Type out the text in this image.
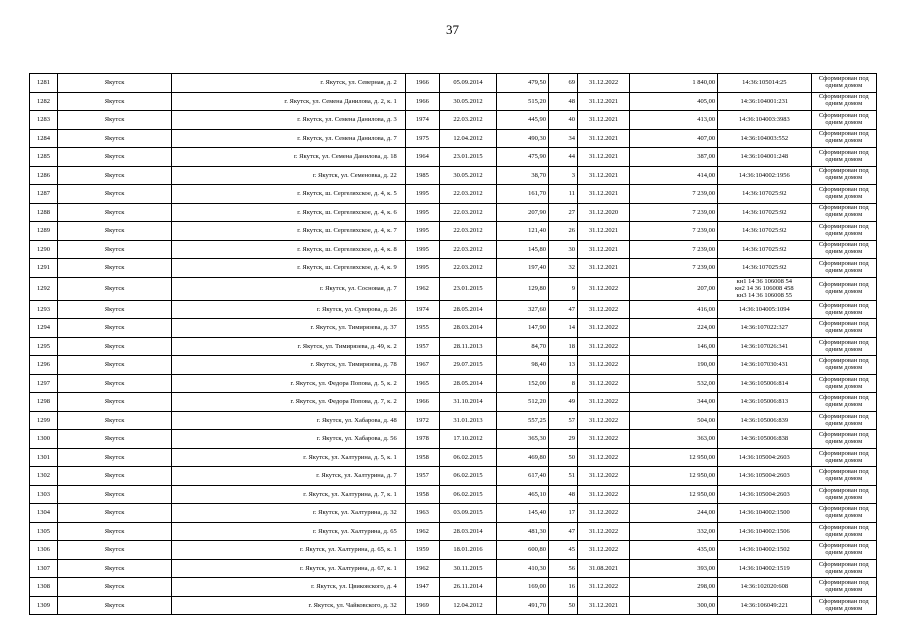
37
1281	Якутск	г. Якутск, ул. Северная, д. 2	1966	05.09.2014	479,50	69	31.12.2022	1 840,00	14:36:105014:25	Сформирован под одним домом
1282	Якутск	г. Якутск, ул. Семена Данилова, д. 2, к. 1	1966	30.05.2012	515,20	48	31.12.2021	405,00	14:36:104001:231	Сформирован под одним домом
1283	Якутск	г. Якутск, ул. Семена Данилова, д. 3	1974	22.03.2012	445,90	40	31.12.2021	413,00	14:36:104003:3983	Сформирован под одним домом
1284	Якутск	г. Якутск, ул. Семена Данилова, д. 7	1975	12.04.2012	490,30	34	31.12.2021	407,00	14:36:104003:552	Сформирован под одним домом
1285	Якутск	г. Якутск, ул. Семена Данилова, д. 18	1964	23.01.2015	475,90	44	31.12.2021	387,00	14:36:104001:248	Сформирован под одним домом
1286	Якутск	г. Якутск, ул. Семеновка, д. 22	1985	30.05.2012	38,70	3	31.12.2021	414,00	14:36:104002:1956	Сформирован под одним домом
1287	Якутск	г. Якутск, ш. Сергеляхское, д. 4, к. 5	1995	22.03.2012	161,70	11	31.12.2021	7 239,00	14:36:107025:92	Сформирован под одним домом
1288	Якутск	г. Якутск, ш. Сергеляхское, д. 4, к. 6	1995	22.03.2012	207,90	27	31.12.2020	7 239,00	14:36:107025:92	Сформирован под одним домом
1289	Якутск	г. Якутск, ш. Сергеляхское, д. 4, к. 7	1995	22.03.2012	121,40	26	31.12.2021	7 239,00	14:36:107025:92	Сформирован под одним домом
1290	Якутск	г. Якутск, ш. Сергеляхское, д. 4, к. 8	1995	22.03.2012	145,80	30	31.12.2021	7 239,00	14:36:107025:92	Сформирован под одним домом
1291	Якутск	г. Якутск, ш. Сергеляхское, д. 4, к. 9	1995	22.03.2012	197,40	32	31.12.2021	7 239,00	14:36:107025:92	Сформирован под одним домом
1292	Якутск	г. Якутск, ул. Сосновая, д. 7	1962	23.01.2015	129,80	9	31.12.2022	207,00	кн1 14 36 106008 54
кн2 14 36 106008 458
кн3 14 36 106008 55	Сформирован под одним домом
1293	Якутск	г. Якутск, ул. Суворова, д. 26	1974	28.05.2014	327,60	47	31.12.2022	416,00	14:36:104005:1094	Сформирован под одним домом
1294	Якутск	г. Якутск, ул. Тимирязева, д. 37	1955	28.03.2014	147,90	14	31.12.2022	224,00	14:36:107022:327	Сформирован под одним домом
1295	Якутск	г. Якутск, ул. Тимирязева, д. 49, к. 2	1957	28.11.2013	84,70	18	31.12.2022	146,00	14:36:107026:341	Сформирован под одним домом
1296	Якутск	г. Якутск, ул. Тимирязева, д. 78	1967	29.07.2015	98,40	13	31.12.2022	190,00	14:36:107030:431	Сформирован под одним домом
1297	Якутск	г. Якутск, ул. Федора Попова, д. 5, к. 2	1965	28.05.2014	152,00	8	31.12.2022	532,00	14:36:105006:814	Сформирован под одним домом
1298	Якутск	г. Якутск, ул. Федора Попова, д. 7, к. 2	1966	31.10.2014	512,20	49	31.12.2022	344,00	14:36:105006:813	Сформирован под одним домом
1299	Якутск	г. Якутск, ул. Хабарова, д. 48	1972	31.01.2013	557,25	57	31.12.2022	504,00	14:36:105006:839	Сформирован под одним домом
1300	Якутск	г. Якутск, ул. Хабарова, д. 56	1978	17.10.2012	365,30	29	31.12.2022	363,00	14:36:105006:838	Сформирован под одним домом
1301	Якутск	г. Якутск, ул. Халтурина, д. 5, к. 1	1958	06.02.2015	469,80	50	31.12.2022	12 950,00	14:36:105004:2603	Сформирован под одним домом
1302	Якутск	г. Якутск, ул. Халтурина, д. 7	1957	06.02.2015	617,40	51	31.12.2022	12 950,00	14:36:105004:2603	Сформирован под одним домом
1303	Якутск	г. Якутск, ул. Халтурина, д. 7, к. 1	1958	06.02.2015	465,10	48	31.12.2022	12 950,00	14:36:105004:2603	Сформирован под одним домом
1304	Якутск	г. Якутск, ул. Халтурина, д. 32	1963	03.09.2015	145,40	17	31.12.2022	244,00	14:36:104002:1500	Сформирован под одним домом
1305	Якутск	г. Якутск, ул. Халтурина, д. 65	1962	28.03.2014	481,30	47	31.12.2022	332,00	14:36:104002:1506	Сформирован под одним домом
1306	Якутск	г. Якутск, ул. Халтурина, д. 65, к. 1	1959	18.01.2016	600,80	45	31.12.2022	435,00	14:36:104002:1502	Сформирован под одним домом
1307	Якутск	г. Якутск, ул. Халтурина, д. 67, к. 1	1962	30.11.2015	410,30	56	31.08.2021	393,00	14:36:104002:1519	Сформирован под одним домом
1308	Якутск	г. Якутск, ул. Цвиковского, д. 4	1947	26.11.2014	169,00	16	31.12.2022	298,00	14:36:102020:608	Сформирован под одним домом
1309	Якутск	г. Якутск, ул. Чайковского, д. 32	1969	12.04.2012	491,70	50	31.12.2021	300,00	14:36:106049:221	Сформирован под одним домом
